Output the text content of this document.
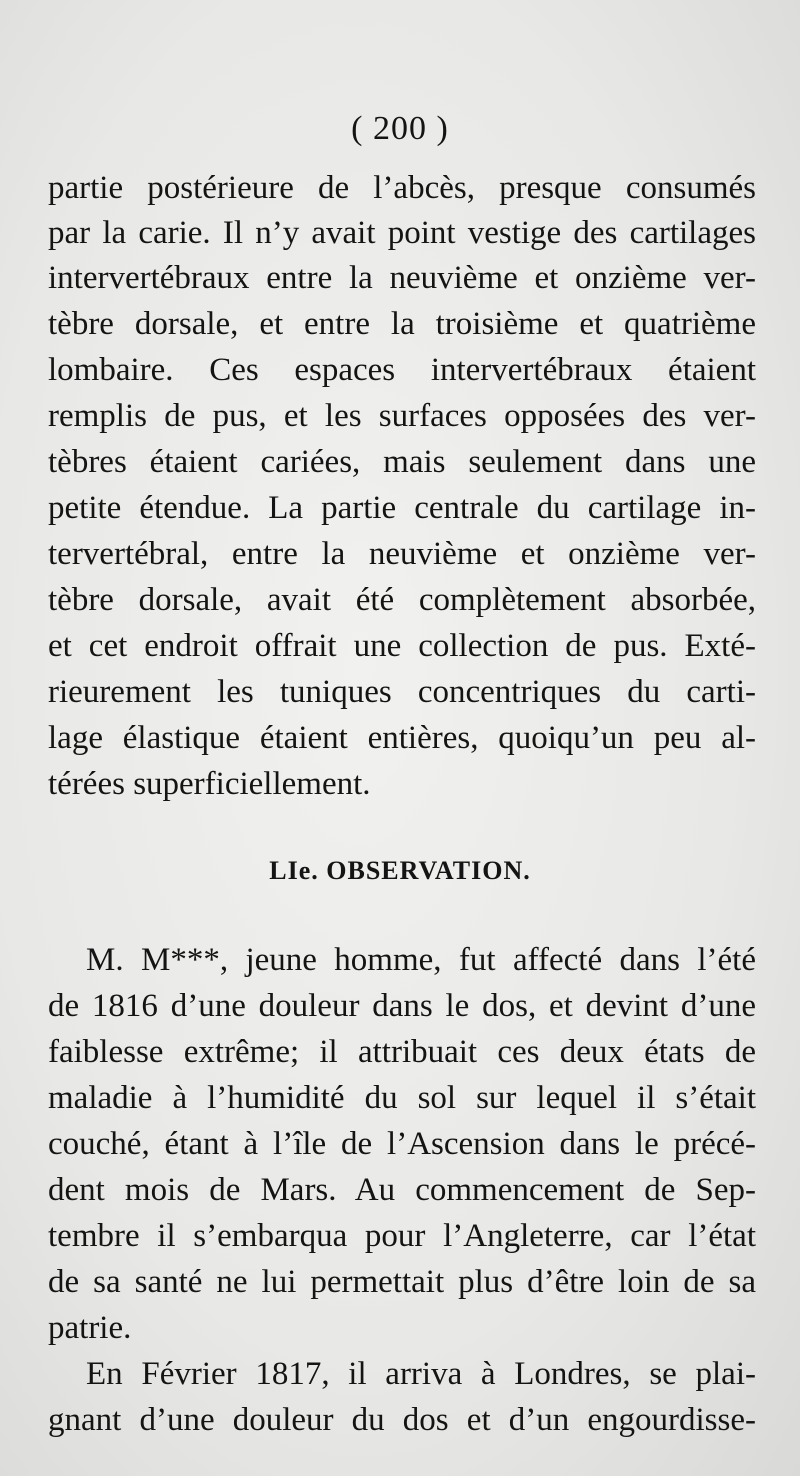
( 200 )
partie postérieure de l’abcès, presque consumés
par la carie. Il n’y avait point vestige des cartilages
intervertébraux entre la neuvième et onzième ver-
tèbre dorsale, et entre la troisième et quatrième
lombaire. Ces espaces intervertébraux étaient
remplis de pus, et les surfaces opposées des ver-
tèbres étaient cariées, mais seulement dans une
petite étendue. La partie centrale du cartilage in-
tervertébral, entre la neuvième et onzième ver-
tèbre dorsale, avait été complètement absorbée,
et cet endroit offrait une collection de pus. Exté-
rieurement les tuniques concentriques du carti-
lage élastique étaient entières, quoiqu’un peu al-
térées superficiellement.
LIe. OBSERVATION.
M. M***, jeune homme, fut affecté dans l’été
de 1816 d’une douleur dans le dos, et devint d’une
faiblesse extrême; il attribuait ces deux états de
maladie à l’humidité du sol sur lequel il s’était
couché, étant à l’île de l’Ascension dans le précé-
dent mois de Mars. Au commencement de Sep-
tembre il s’embarqua pour l’Angleterre, car l’état
de sa santé ne lui permettait plus d’être loin de sa
patrie.
En Février 1817, il arriva à Londres, se plai-
gnant d’une douleur du dos et d’un engourdisse-
